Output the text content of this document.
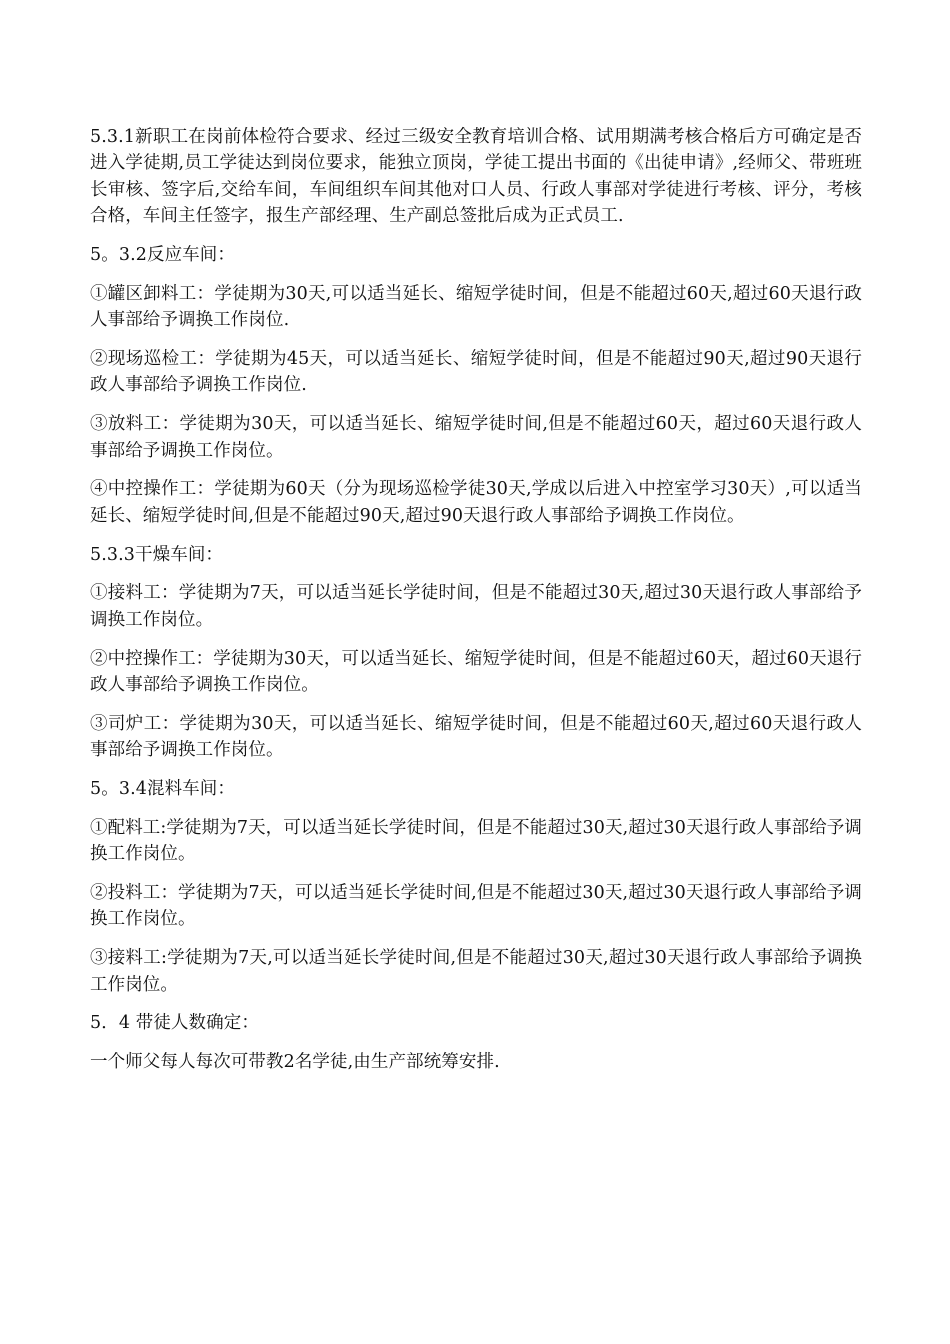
5.3.1新职工在岗前体检符合要求、经过三级安全教育培训合格、试用期满考核合格后方可确定是否进入学徒期,员工学徒达到岗位要求，能独立顶岗，学徒工提出书面的《出徒申请》,经师父、带班班长审核、签字后,交给车间，车间组织车间其他对口人员、行政人事部对学徒进行考核、评分，考核合格，车间主任签字，报生产部经理、生产副总签批后成为正式员工.

5。3.2反应车间：

①罐区卸料工：学徒期为30天,可以适当延长、缩短学徒时间，但是不能超过60天,超过60天退行政人事部给予调换工作岗位.

②现场巡检工：学徒期为45天，可以适当延长、缩短学徒时间，但是不能超过90天,超过90天退行政人事部给予调换工作岗位.

③放料工：学徒期为30天，可以适当延长、缩短学徒时间,但是不能超过60天，超过60天退行政人事部给予调换工作岗位。

④中控操作工：学徒期为60天（分为现场巡检学徒30天,学成以后进入中控室学习30天）,可以适当延长、缩短学徒时间,但是不能超过90天,超过90天退行政人事部给予调换工作岗位。

5.3.3干燥车间：

①接料工：学徒期为7天，可以适当延长学徒时间，但是不能超过30天,超过30天退行政人事部给予调换工作岗位。

②中控操作工：学徒期为30天，可以适当延长、缩短学徒时间，但是不能超过60天，超过60天退行政人事部给予调换工作岗位。

③司炉工：学徒期为30天，可以适当延长、缩短学徒时间，但是不能超过60天,超过60天退行政人事部给予调换工作岗位。

5。3.4混料车间：

①配料工:学徒期为7天，可以适当延长学徒时间，但是不能超过30天,超过30天退行政人事部给予调换工作岗位。

②投料工：学徒期为7天，可以适当延长学徒时间,但是不能超过30天,超过30天退行政人事部给予调换工作岗位。

③接料工:学徒期为7天,可以适当延长学徒时间,但是不能超过30天,超过30天退行政人事部给予调换工作岗位。

5．4 带徒人数确定：

一个师父每人每次可带教2名学徒,由生产部统筹安排.
